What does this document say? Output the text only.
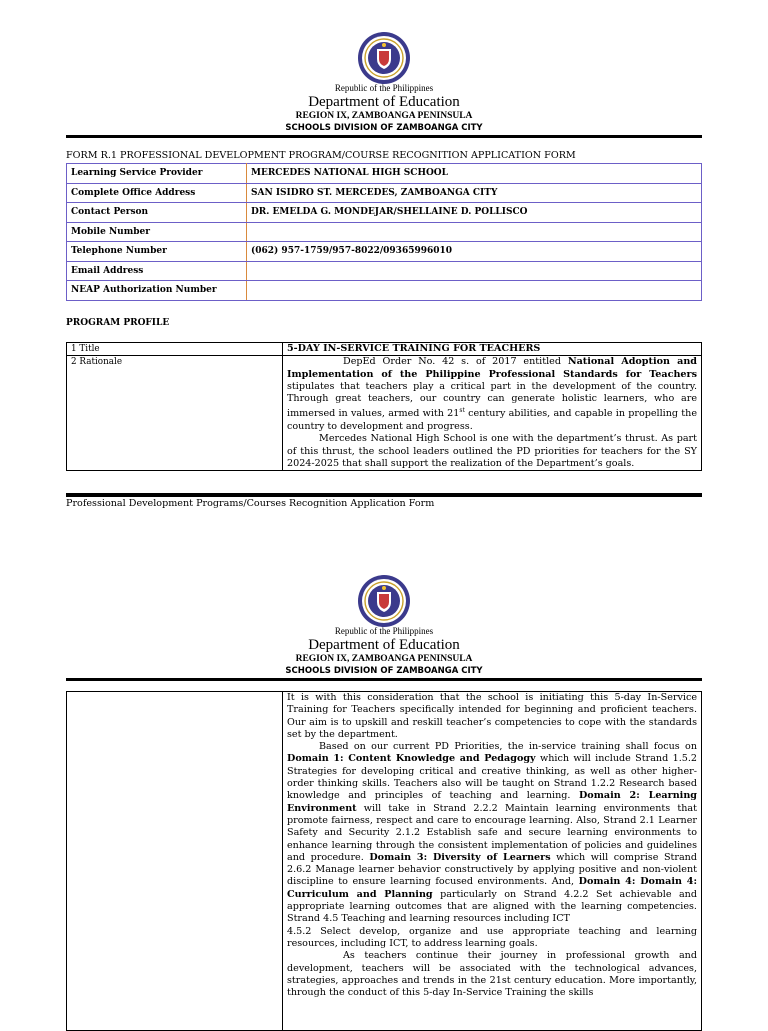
Republic of the Philippines
Department of Education
REGION IX, ZAMBOANGA PENINSULA
SCHOOLS DIVISION OF ZAMBOANGA CITY
FORM R.1 PROFESSIONAL DEVELOPMENT PROGRAM/COURSE RECOGNITION APPLICATION FORM
Learning Service Provider	MERCEDES NATIONAL HIGH SCHOOL
Complete Office Address	SAN ISIDRO ST. MERCEDES, ZAMBOANGA CITY
Contact Person	DR. EMELDA G. MONDEJAR/SHELLAINE D. POLLISCO
Mobile Number	
Telephone Number	(062) 957-1759/957-8022/09365996010
Email Address	
NEAP Authorization Number	
PROGRAM PROFILE
1 Title	5-DAY IN-SERVICE TRAINING FOR TEACHERS
2 Rationale	DepEd Order No. 42 s. of 2017 entitled National Adoption and Implementation of the Philippine Professional Standards for Teachers stipulates that teachers play a critical part in the development of the country. Through great teachers, our country can generate holistic learners, who are immersed in values, armed with 21st century abilities, and capable in propelling the country to development and progress.
Mercedes National High School is one with the department’s thrust. As part of this thrust, the school leaders outlined the PD priorities for teachers for the SY 2024-2025 that shall support the realization of the Department’s goals.
Professional Development Programs/Courses Recognition Application Form
Republic of the Philippines
Department of Education
REGION IX, ZAMBOANGA PENINSULA
SCHOOLS DIVISION OF ZAMBOANGA CITY

It is with this consideration that the school is initiating this 5-day In-Service Training for Teachers specifically intended for beginning and proficient teachers. Our aim is to upskill and reskill teacher’s competencies to cope with the standards set by the department.
Based on our current PD Priorities, the in-service training shall focus on Domain 1: Content Knowledge and Pedagogy which will include Strand 1.5.2 Strategies for developing critical and creative thinking, as well as other higher-order thinking skills. Teachers also will be taught on Strand 1.2.2 Research based knowledge and principles of teaching and learning. Domain 2: Learning Environment will take in Strand 2.2.2 Maintain learning environments that promote fairness, respect and care to encourage learning. Also, Strand 2.1 Learner Safety and Security 2.1.2 Establish safe and secure learning environments to enhance learning through the consistent implementation of policies and guidelines and procedure. Domain 3: Diversity of Learners which will comprise Strand 2.6.2 Manage learner behavior constructively by applying positive and non-violent discipline to ensure learning focused environments. And, Domain 4: Domain 4: Curriculum and Planning particularly on Strand 4.2.2 Set achievable and appropriate learning outcomes that are aligned with the learning competencies. Strand 4.5 Teaching and learning resources including ICT
4.5.2 Select develop, organize and use appropriate teaching and learning resources, including ICT, to address learning goals.
As teachers continue their journey in professional growth and development, teachers will be associated with the technological advances, strategies, approaches and trends in the 21st century education. More importantly, through the conduct of this 5-day In-Service Training the skills
